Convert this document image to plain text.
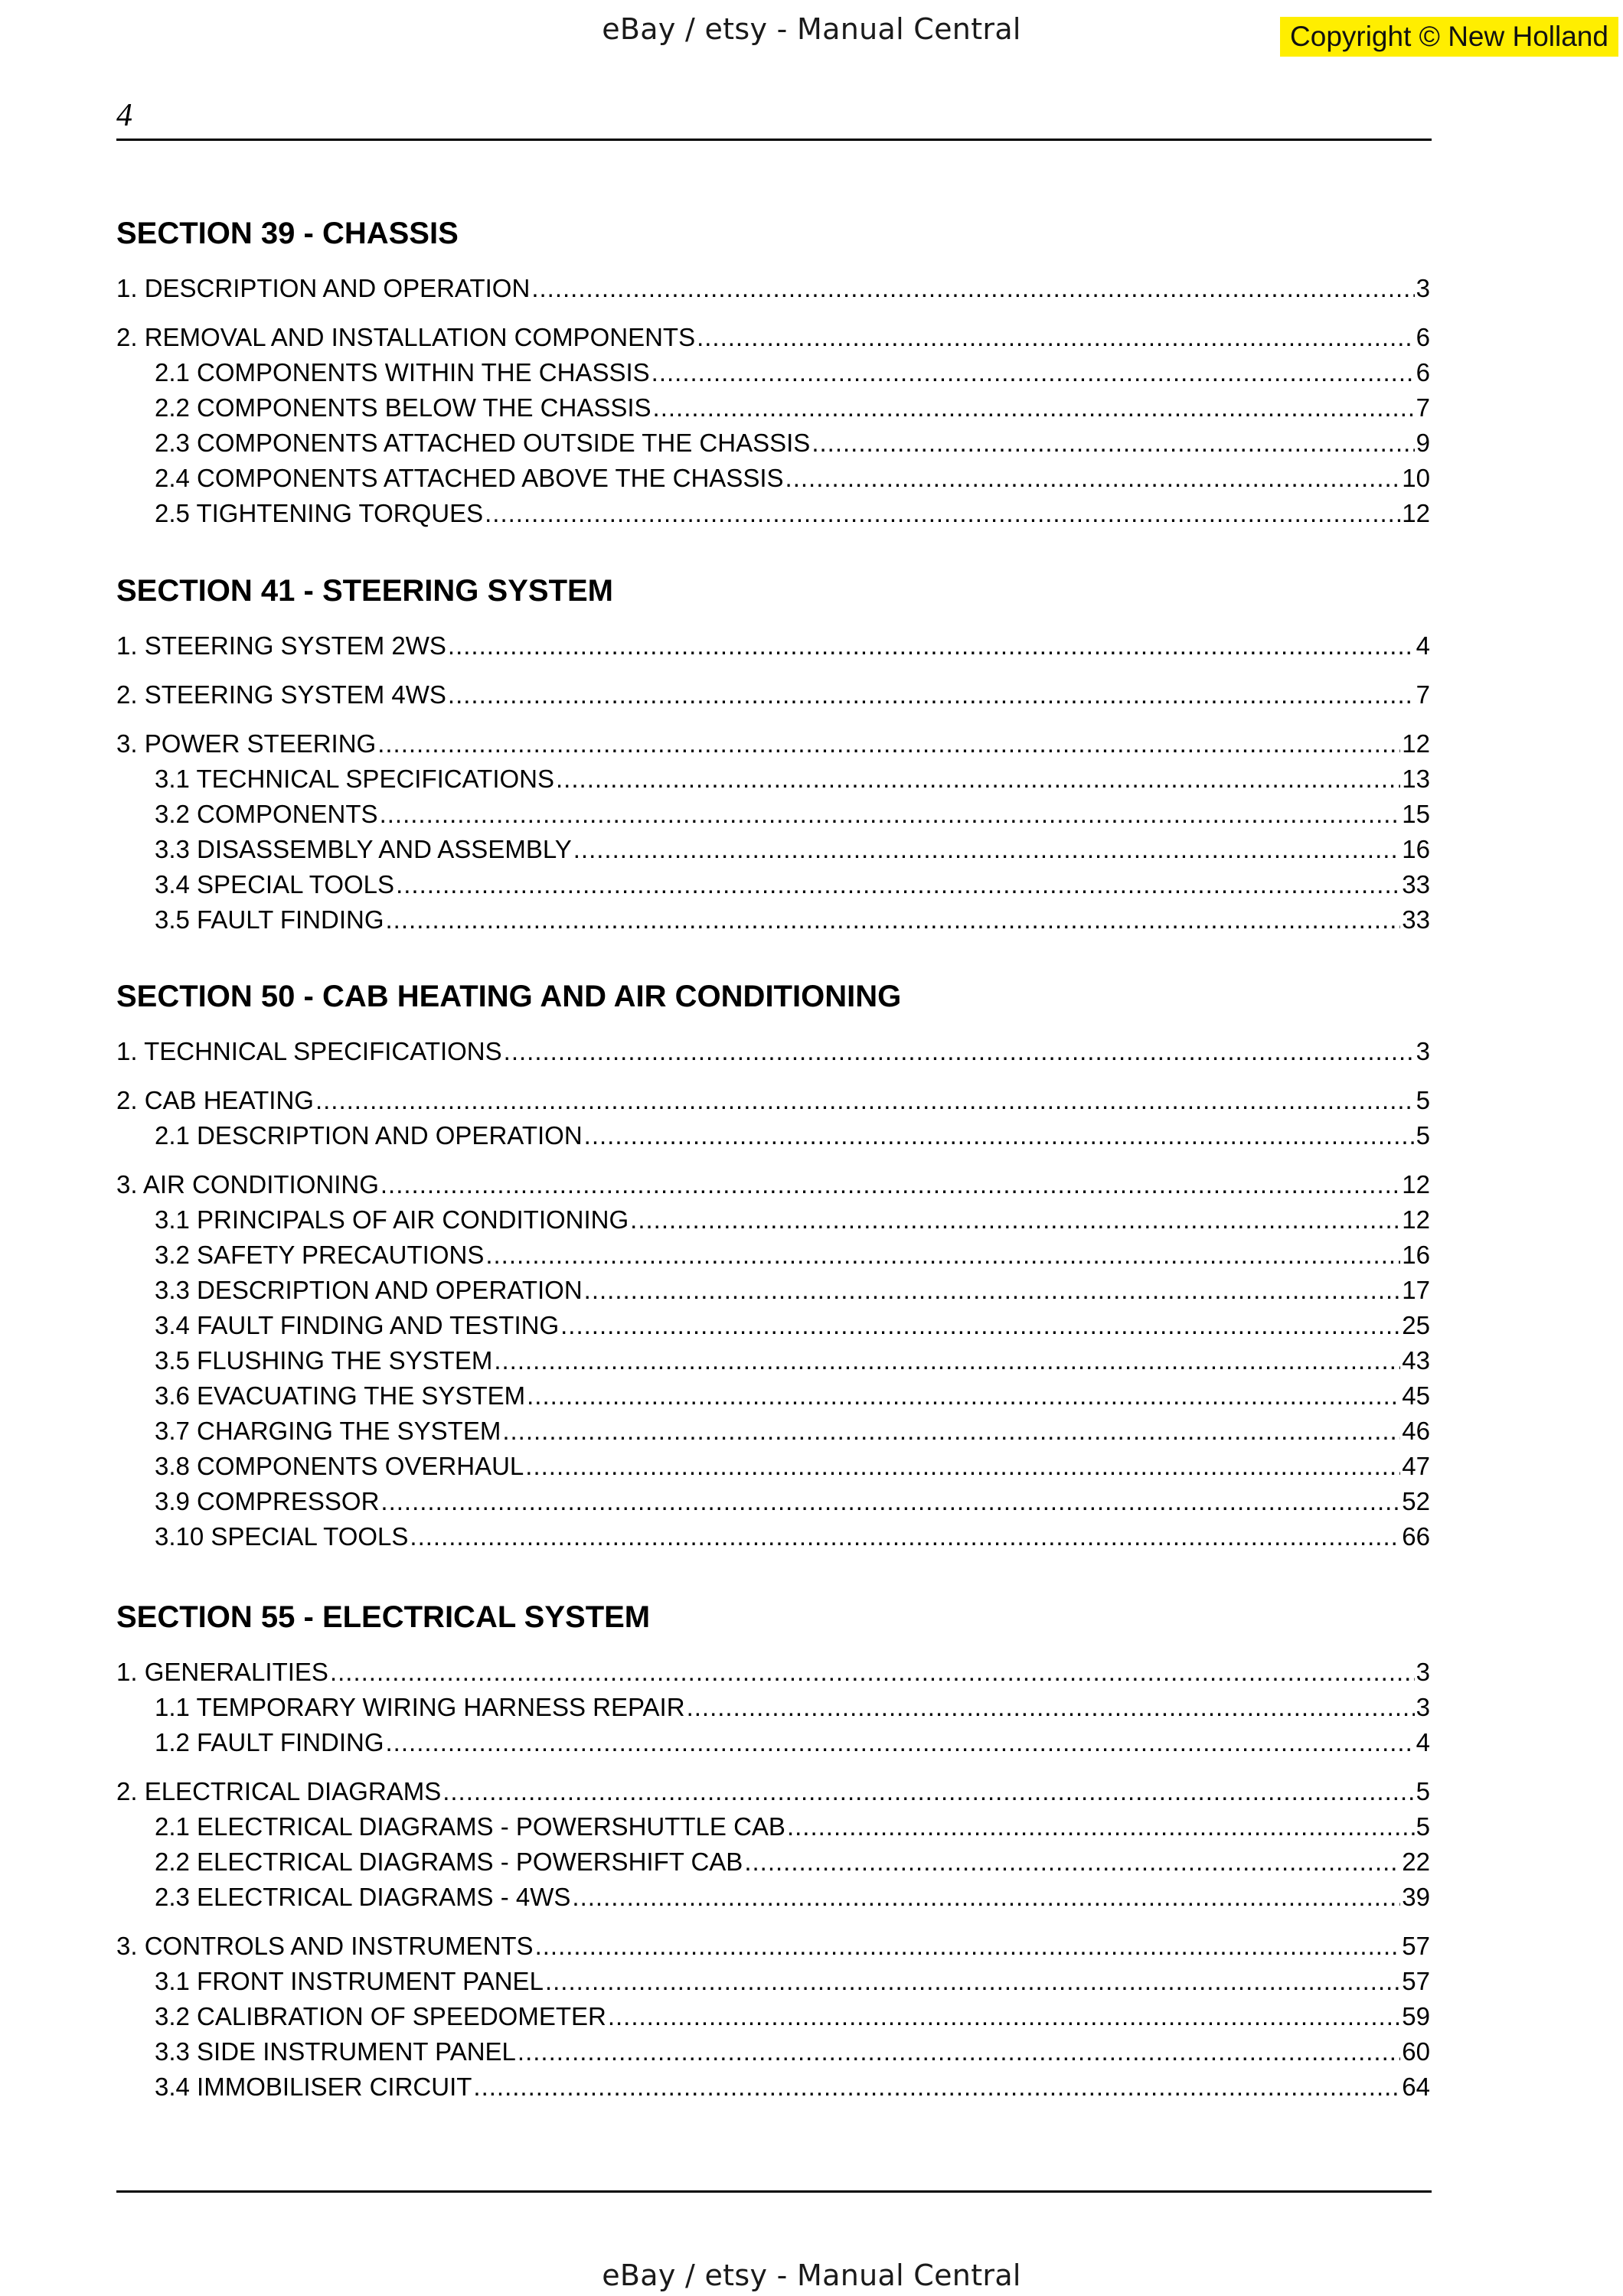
eBay / etsy - Manual Central	Copyright © New Holland
4
SECTION 39 - CHASSIS
1. DESCRIPTION AND OPERATION .....	3
2. REMOVAL AND INSTALLATION COMPONENTS .....	6
2.1 COMPONENTS WITHIN THE CHASSIS .....	6
2.2 COMPONENTS BELOW THE CHASSIS .....	7
2.3 COMPONENTS ATTACHED OUTSIDE THE CHASSIS .....	9
2.4 COMPONENTS ATTACHED ABOVE THE CHASSIS .....	10
2.5 TIGHTENING TORQUES .....	12
SECTION 41 - STEERING SYSTEM
1. STEERING SYSTEM 2WS .....	4
2. STEERING SYSTEM 4WS .....	7
3. POWER STEERING .....	12
3.1 TECHNICAL SPECIFICATIONS .....	13
3.2 COMPONENTS .....	15
3.3 DISASSEMBLY AND ASSEMBLY .....	16
3.4 SPECIAL TOOLS .....	33
3.5 FAULT FINDING .....	33
SECTION 50 - CAB HEATING AND AIR CONDITIONING
1. TECHNICAL SPECIFICATIONS .....	3
2. CAB HEATING .....	5
2.1 DESCRIPTION AND OPERATION .....	5
3. AIR CONDITIONING .....	12
3.1 PRINCIPALS OF AIR CONDITIONING .....	12
3.2 SAFETY PRECAUTIONS .....	16
3.3 DESCRIPTION AND OPERATION .....	17
3.4 FAULT FINDING AND TESTING .....	25
3.5 FLUSHING THE SYSTEM .....	43
3.6 EVACUATING THE SYSTEM .....	45
3.7 CHARGING THE SYSTEM .....	46
3.8 COMPONENTS OVERHAUL .....	47
3.9 COMPRESSOR .....	52
3.10 SPECIAL TOOLS .....	66
SECTION 55 - ELECTRICAL SYSTEM
1. GENERALITIES .....	3
1.1 TEMPORARY WIRING HARNESS REPAIR .....	3
1.2 FAULT FINDING .....	4
2. ELECTRICAL DIAGRAMS .....	5
2.1 ELECTRICAL DIAGRAMS - POWERSHUTTLE CAB .....	5
2.2 ELECTRICAL DIAGRAMS - POWERSHIFT CAB .....	22
2.3 ELECTRICAL DIAGRAMS - 4WS .....	39
3. CONTROLS AND INSTRUMENTS .....	57
3.1 FRONT INSTRUMENT PANEL .....	57
3.2 CALIBRATION OF SPEEDOMETER .....	59
3.3 SIDE INSTRUMENT PANEL .....	60
3.4 IMMOBILISER CIRCUIT .....	64
eBay / etsy - Manual Central
